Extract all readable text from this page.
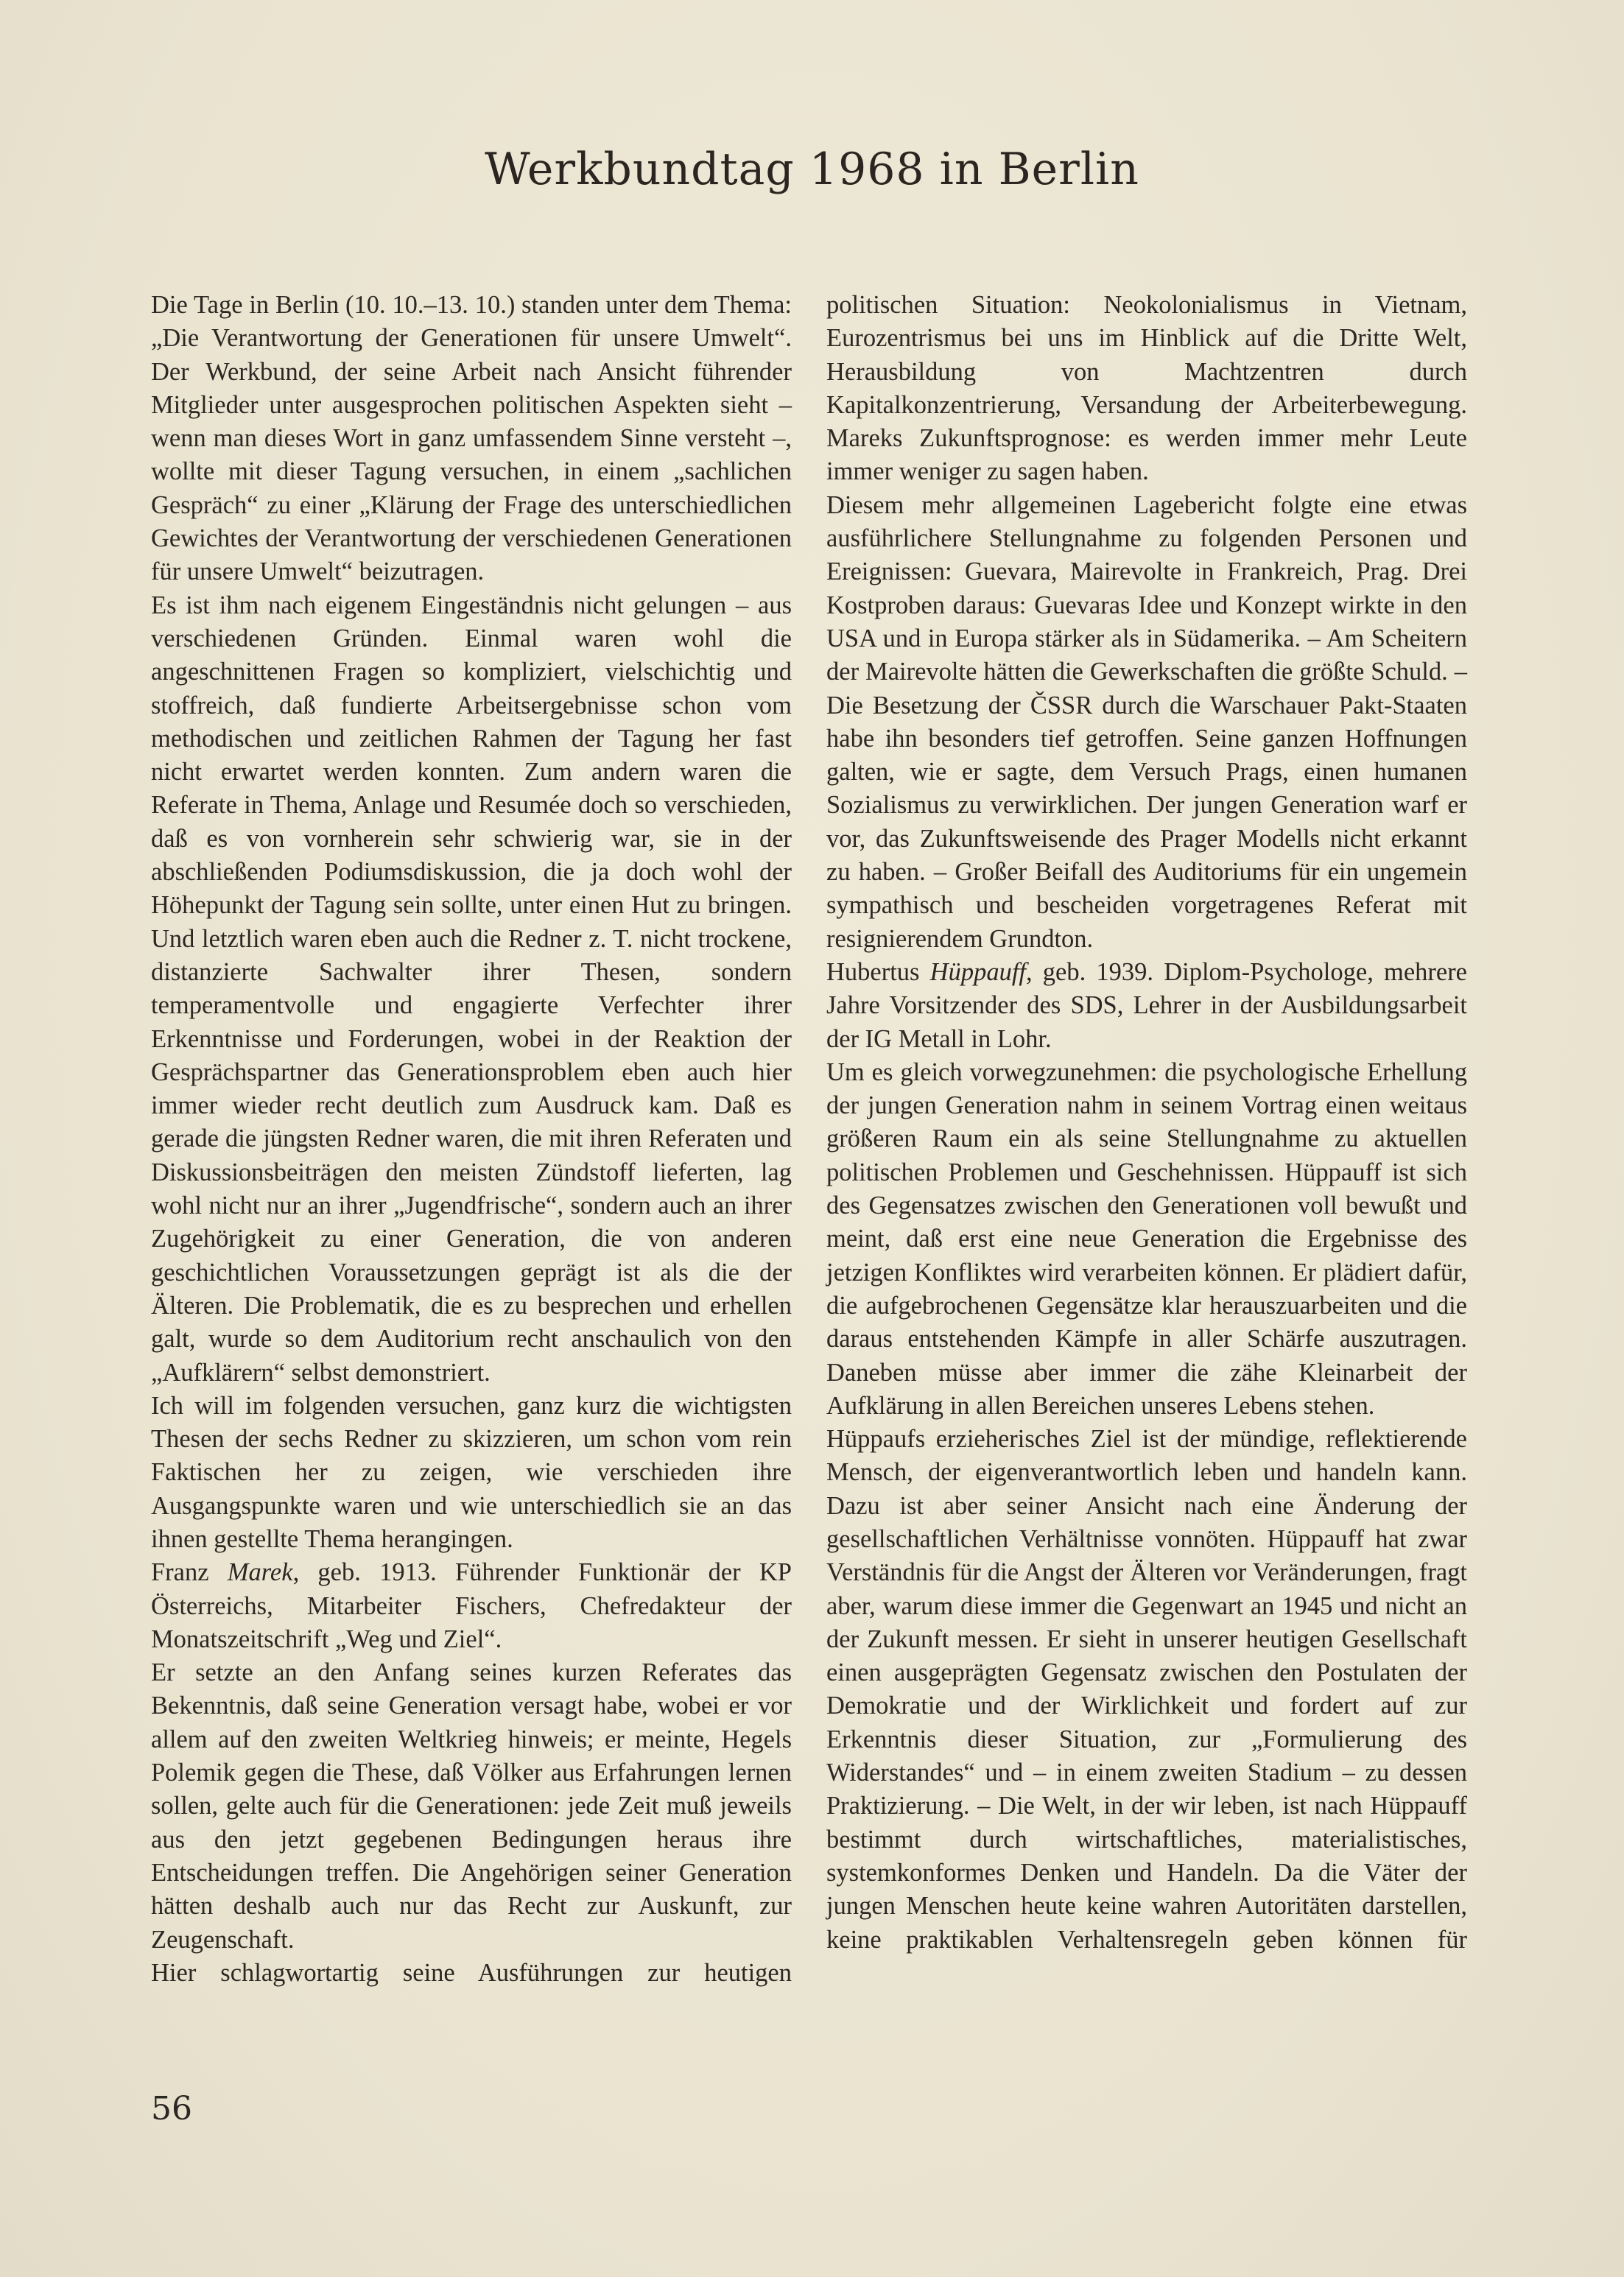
Werkbundtag 1968 in Berlin

Die Tage in Berlin (10. 10.–13. 10.) standen unter dem Thema: „Die Verantwortung der Generationen für unsere Umwelt“. Der Werkbund, der seine Arbeit nach Ansicht führender Mitglieder unter ausgesprochen politischen Aspekten sieht – wenn man dieses Wort in ganz umfassendem Sinne versteht –, wollte mit dieser Tagung versuchen, in einem „sachlichen Gespräch“ zu einer „Klärung der Frage des unterschiedlichen Gewichtes der Verantwortung der verschiedenen Generationen für unsere Umwelt“ beizutragen.

Es ist ihm nach eigenem Eingeständnis nicht gelungen – aus verschiedenen Gründen. Einmal waren wohl die angeschnittenen Fragen so kompliziert, vielschichtig und stoffreich, daß fundierte Arbeitsergebnisse schon vom methodischen und zeitlichen Rahmen der Tagung her fast nicht erwartet werden konnten. Zum andern waren die Referate in Thema, Anlage und Resumée doch so verschieden, daß es von vornherein sehr schwierig war, sie in der abschließenden Podiumsdiskussion, die ja doch wohl der Höhepunkt der Tagung sein sollte, unter einen Hut zu bringen. Und letztlich waren eben auch die Redner z. T. nicht trockene, distanzierte Sachwalter ihrer Thesen, sondern temperamentvolle und engagierte Verfechter ihrer Erkenntnisse und Forderungen, wobei in der Reaktion der Gesprächspartner das Generationsproblem eben auch hier immer wieder recht deutlich zum Ausdruck kam. Daß es gerade die jüngsten Redner waren, die mit ihren Referaten und Diskussionsbeiträgen den meisten Zündstoff lieferten, lag wohl nicht nur an ihrer „Jugendfrische“, sondern auch an ihrer Zugehörigkeit zu einer Generation, die von anderen geschichtlichen Voraussetzungen geprägt ist als die der Älteren. Die Problematik, die es zu besprechen und erhellen galt, wurde so dem Auditorium recht anschaulich von den „Aufklärern“ selbst demonstriert.

Ich will im folgenden versuchen, ganz kurz die wichtigsten Thesen der sechs Redner zu skizzieren, um schon vom rein Faktischen her zu zeigen, wie verschieden ihre Ausgangspunkte waren und wie unterschiedlich sie an das ihnen gestellte Thema herangingen.

Franz Marek, geb. 1913. Führender Funktionär der KP Österreichs, Mitarbeiter Fischers, Chefredakteur der Monatszeitschrift „Weg und Ziel“.

Er setzte an den Anfang seines kurzen Referates das Bekenntnis, daß seine Generation versagt habe, wobei er vor allem auf den zweiten Weltkrieg hinweis; er meinte, Hegels Polemik gegen die These, daß Völker aus Erfahrungen lernen sollen, gelte auch für die Generationen: jede Zeit muß jeweils aus den jetzt gegebenen Bedingungen heraus ihre Entscheidungen treffen. Die Angehörigen seiner Generation hätten deshalb auch nur das Recht zur Auskunft, zur Zeugenschaft.

Hier schlagwortartig seine Ausführungen zur heutigen

politischen Situation: Neokolonialismus in Vietnam, Eurozentrismus bei uns im Hinblick auf die Dritte Welt, Herausbildung von Machtzentren durch Kapitalkonzentrierung, Versandung der Arbeiterbewegung. Mareks Zukunftsprognose: es werden immer mehr Leute immer weniger zu sagen haben.

Diesem mehr allgemeinen Lagebericht folgte eine etwas ausführlichere Stellungnahme zu folgenden Personen und Ereignissen: Guevara, Mairevolte in Frankreich, Prag. Drei Kostproben daraus: Guevaras Idee und Konzept wirkte in den USA und in Europa stärker als in Südamerika. – Am Scheitern der Mairevolte hätten die Gewerkschaften die größte Schuld. – Die Besetzung der ČSSR durch die Warschauer Pakt-Staaten habe ihn besonders tief getroffen. Seine ganzen Hoffnungen galten, wie er sagte, dem Versuch Prags, einen humanen Sozialismus zu verwirklichen. Der jungen Generation warf er vor, das Zukunftsweisende des Prager Modells nicht erkannt zu haben. – Großer Beifall des Auditoriums für ein ungemein sympathisch und bescheiden vorgetragenes Referat mit resignierendem Grundton.

Hubertus Hüppauff, geb. 1939. Diplom-Psychologe, mehrere Jahre Vorsitzender des SDS, Lehrer in der Ausbildungsarbeit der IG Metall in Lohr.

Um es gleich vorwegzunehmen: die psychologische Erhellung der jungen Generation nahm in seinem Vortrag einen weitaus größeren Raum ein als seine Stellungnahme zu aktuellen politischen Problemen und Geschehnissen. Hüppauff ist sich des Gegensatzes zwischen den Generationen voll bewußt und meint, daß erst eine neue Generation die Ergebnisse des jetzigen Konfliktes wird verarbeiten können. Er plädiert dafür, die aufgebrochenen Gegensätze klar herauszuarbeiten und die daraus entstehenden Kämpfe in aller Schärfe auszutragen. Daneben müsse aber immer die zähe Kleinarbeit der Aufklärung in allen Bereichen unseres Lebens stehen.

Hüppaufs erzieherisches Ziel ist der mündige, reflektierende Mensch, der eigenverantwortlich leben und handeln kann. Dazu ist aber seiner Ansicht nach eine Änderung der gesellschaftlichen Verhältnisse vonnöten. Hüppauff hat zwar Verständnis für die Angst der Älteren vor Veränderungen, fragt aber, warum diese immer die Gegenwart an 1945 und nicht an der Zukunft messen. Er sieht in unserer heutigen Gesellschaft einen ausgeprägten Gegensatz zwischen den Postulaten der Demokratie und der Wirklichkeit und fordert auf zur Erkenntnis dieser Situation, zur „Formulierung des Widerstandes“ und – in einem zweiten Stadium – zu dessen Praktizierung. – Die Welt, in der wir leben, ist nach Hüppauff bestimmt durch wirtschaftliches, materialistisches, systemkonformes Denken und Handeln. Da die Väter der jungen Menschen heute keine wahren Autoritäten darstellen, keine praktikablen Verhaltensregeln geben können für

56
